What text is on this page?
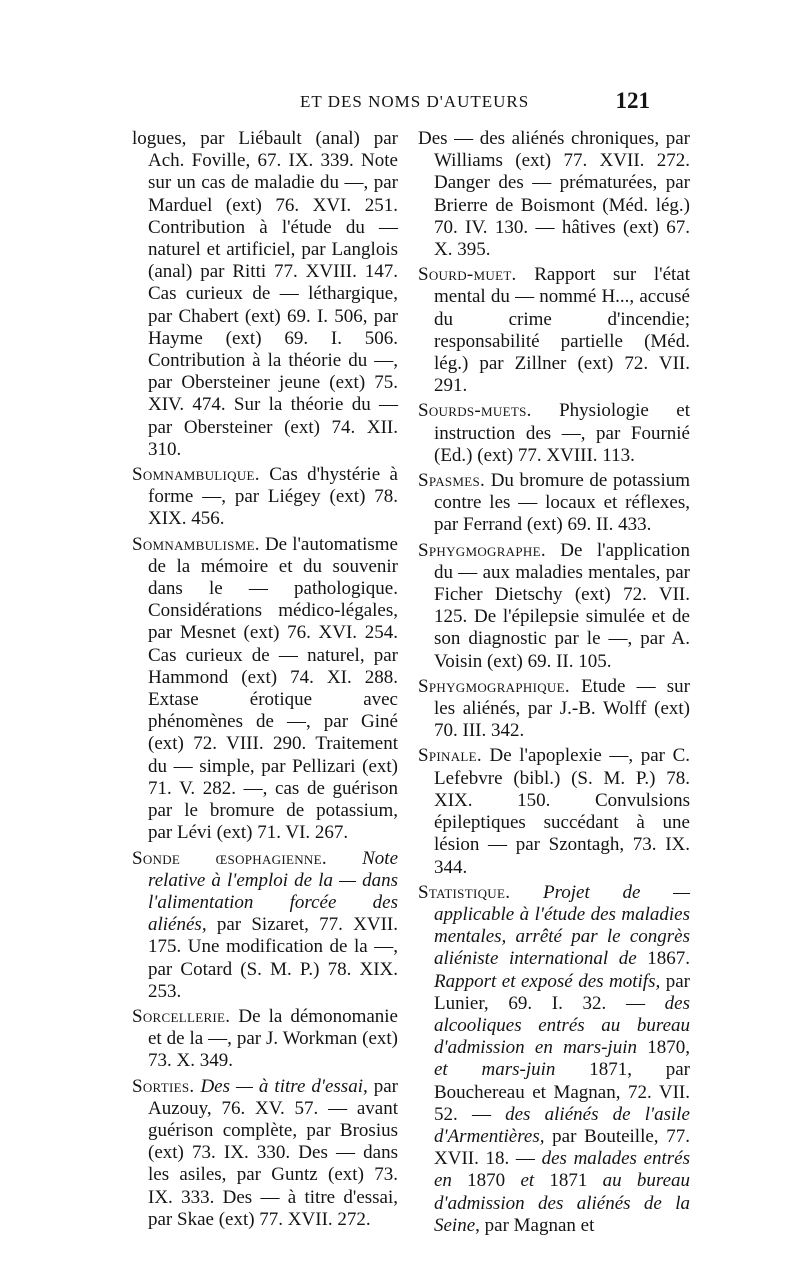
ET DES NOMS D'AUTEURS	121

logues, par Liébault (anal) par Ach. Foville, 67. IX. 339. Note sur un cas de maladie du —, par Marduel (ext) 76. XVI. 251. Contribution à l'étude du — naturel et artificiel, par Langlois (anal) par Ritti 77. XVIII. 147. Cas curieux de — léthargique, par Chabert (ext) 69. I. 506, par Hayme (ext) 69. I. 506. Contribution à la théorie du —, par Obersteiner jeune (ext) 75. XIV. 474. Sur la théorie du — par Obersteiner (ext) 74. XII. 310.

Somnambulique. Cas d'hystérie à forme —, par Liégey (ext) 78. XIX. 456.

Somnambulisme. De l'automatisme de la mémoire et du souvenir dans le — pathologique. Considérations médico-légales, par Mesnet (ext) 76. XVI. 254. Cas curieux de — naturel, par Hammond (ext) 74. XI. 288. Extase érotique avec phénomènes de —, par Giné (ext) 72. VIII. 290. Traitement du — simple, par Pellizari (ext) 71. V. 282. —, cas de guérison par le bromure de potassium, par Lévi (ext) 71. VI. 267.

Sonde œsophagienne. Note relative à l'emploi de la — dans l'alimentation forcée des aliénés, par Sizaret, 77. XVII. 175. Une modification de la —, par Cotard (S. M. P.) 78. XIX. 253.

Sorcellerie. De la démonomanie et de la —, par J. Workman (ext) 73. X. 349.

Sorties. Des — à titre d'essai, par Auzouy, 76. XV. 57. — avant guérison complète, par Brosius (ext) 73. IX. 330. Des — dans les asiles, par Guntz (ext) 73. IX. 333. Des — à titre d'essai, par Skae (ext) 77. XVII. 272.

Des — des aliénés chroniques, par Williams (ext) 77. XVII. 272. Danger des — prématurées, par Brierre de Boismont (Méd. lég.) 70. IV. 130. — hâtives (ext) 67. X. 395.

Sourd-muet. Rapport sur l'état mental du — nommé H..., accusé du crime d'incendie; responsabilité partielle (Méd. lég.) par Zillner (ext) 72. VII. 291.

Sourds-muets. Physiologie et instruction des —, par Fournié (Ed.) (ext) 77. XVIII. 113.

Spasmes. Du bromure de potassium contre les — locaux et réflexes, par Ferrand (ext) 69. II. 433.

Sphygmographe. De l'application du — aux maladies mentales, par Ficher Dietschy (ext) 72. VII. 125. De l'épilepsie simulée et de son diagnostic par le —, par A. Voisin (ext) 69. II. 105.

Sphygmographique. Etude — sur les aliénés, par J.-B. Wolff (ext) 70. III. 342.

Spinale. De l'apoplexie —, par C. Lefebvre (bibl.) (S. M. P.) 78. XIX. 150. Convulsions épileptiques succédant à une lésion — par Szontagh, 73. IX. 344.

Statistique. Projet de — applicable à l'étude des maladies mentales, arrêté par le congrès aliéniste international de 1867. Rapport et exposé des motifs, par Lunier, 69. I. 32. — des alcooliques entrés au bureau d'admission en mars-juin 1870, et mars-juin 1871, par Bouchereau et Magnan, 72. VII. 52. — des aliénés de l'asile d'Armentières, par Bouteille, 77. XVII. 18. — des malades entrés en 1870 et 1871 au bureau d'admission des aliénés de la Seine, par Magnan et
